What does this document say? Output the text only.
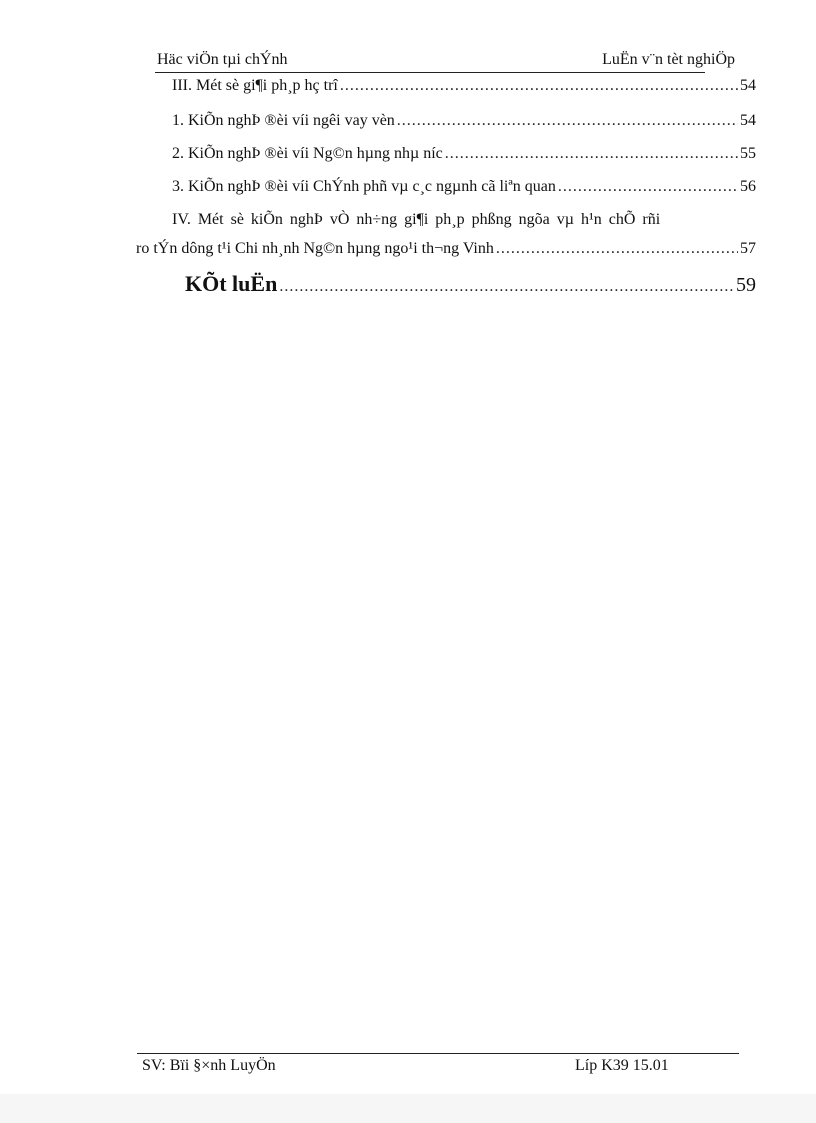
Häc viÖn tµi chÝnh	LuËn v¨n tèt nghiÖp
III. Mét sè gi¶i ph¸p hç trî .....	54
1. KiÕn nghÞ ®èi víi ngêi vay vèn .....	54
2. KiÕn nghÞ ®èi víi Ng©n hµng nhµ níc .....	55
3. KiÕn nghÞ ®èi víi ChÝnh phñ vµ c¸c ngµnh cã liªn quan .....	56
IV. Mét sè kiÕn nghÞ vÒ nh÷ng gi¶i ph¸p phßng ngõa vµ h¹n chÕ rñi
ro tÝn dông t¹i Chi nh¸nh Ng©n hµng ngo¹i th¬ng Vinh .....	57
KÕt luËn .....	59
SV: Bïi §×nh LuyÖn	Líp K39 15.01
